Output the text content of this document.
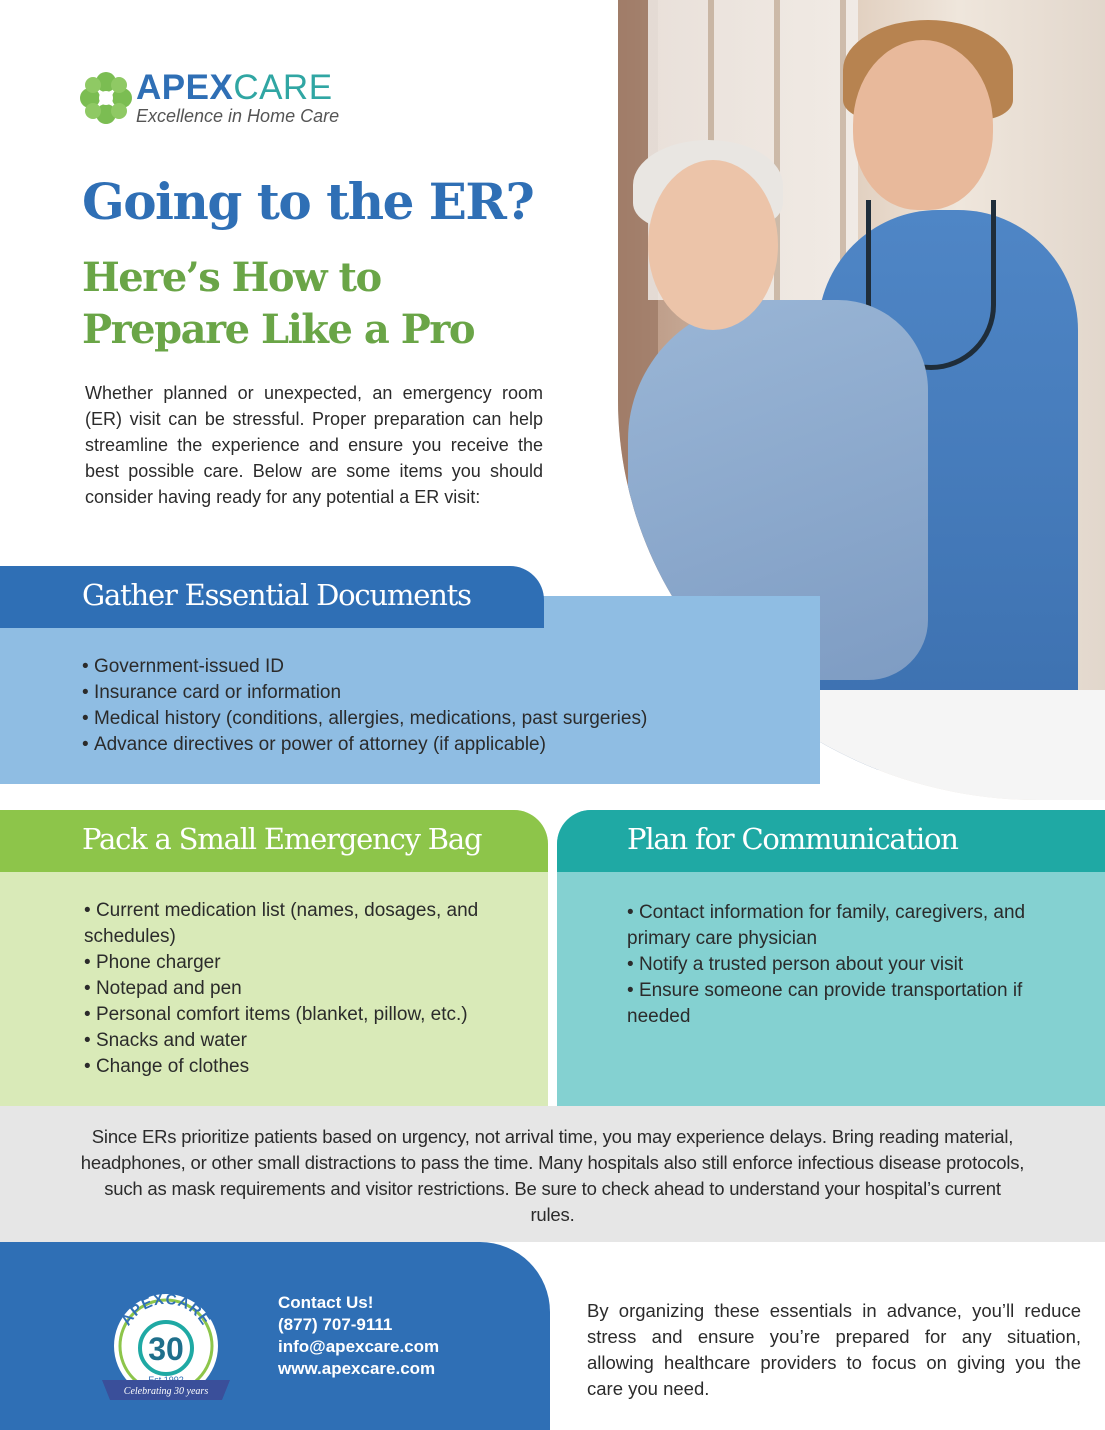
APEXCARE
Excellence in Home Care
Going to the ER?
Here’s How to Prepare Like a Pro

Whether planned or unexpected, an emergency room (ER) visit can be stressful. Proper preparation can help streamline the experience and ensure you receive the best possible care. Below are some items you should consider having ready for any potential a ER visit:

Gather Essential Documents
• Government-issued ID
• Insurance card or information
• Medical history (conditions, allergies, medications, past surgeries)
• Advance directives or power of attorney (if applicable)
Pack a Small Emergency Bag
• Current medication list (names, dosages, and schedules)
• Phone charger
• Notepad and pen
• Personal comfort items (blanket, pillow, etc.)
• Snacks and water
• Change of clothes
Plan for Communication
• Contact information for family, caregivers, and primary care physician
• Notify a trusted person about your visit
• Ensure someone can provide transportation if needed

Since ERs prioritize patients based on urgency, not arrival time, you may experience delays. Bring reading material, headphones, or other small distractions to pass the time. Many hospitals also still enforce infectious disease protocols, such as mask requirements and visitor restrictions. Be sure to check ahead to understand your hospital’s current rules.

APEXCARE
30
Celebrating 30 years
Contact Us!
(877) 707-9111
info@apexcare.com
www.apexcare.com

By organizing these essentials in advance, you’ll reduce stress and ensure you’re prepared for any situation, allowing healthcare providers to focus on giving you the care you need.
